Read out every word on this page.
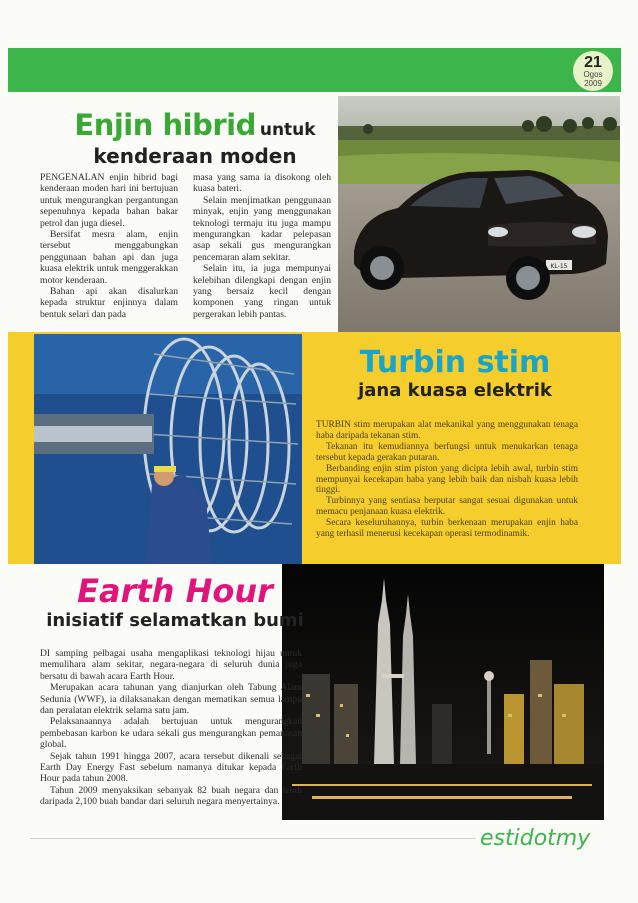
21
Ogos
2009
Enjin hibrid untuk
kenderaan moden

PENGENALAN enjin hibrid bagi kenderaan moden hari ini bertujuan untuk mengurangkan pergantungan sepenuhnya kepada bahan bakar petrol dan juga diesel.

Bersifat mesra alam, enjin tersebut menggabungkan penggunaan bahan api dan juga kuasa elektrik untuk menggerakkan motor kenderaan.

Bahan api akan disalurkan kepada struktur enjinnya dalam bentuk selari dan pada

masa yang sama ia disokong oleh kuasa bateri.

Selain menjimatkan penggunaan minyak, enjin yang menggunakan teknologi termaju itu juga mampu mengurangkan kadar pelepasan asap sekali gus mengurangkan pencemaran alam sekitar.

Selain itu, ia juga mempunyai kelebihan dilengkapi dengan enjin yang bersaiz kecil dengan komponen yang ringan untuk pergerakan lebih pantas.

KL-15
Turbin stim
jana kuasa elektrik

TURBIN stim merupakan alat mekanikal yang menggunakan tenaga haba daripada tekanan stim.

Tekanan itu kemudiannya berfungsi untuk menukarkan tenaga tersebut kepada gerakan putaran.

Berbanding enjin stim piston yang dicipta lebih awal, turbin stim mempunyai kecekapan haba yang lebih baik dan nisbah kuasa lebih tinggi.

Turbinnya yang sentiasa berputar sangat sesuai digunakan untuk memacu penjanaan kuasa elektrik.

Secara keseluruhannya, turbin berkenaan merupakan enjin haba yang terhasil menerusi kecekapan operasi termodinamik.

Earth Hour
inisiatif selamatkan bumi

DI samping pelbagai usaha mengaplikasi teknologi hijau untuk memulihara alam sekitar, negara-negara di seluruh dunia juga bersatu di bawah acara Earth Hour.

Merupakan acara tahunan yang dianjurkan oleh Tabung Alam Sedunia (WWF), ia dilaksanakan dengan mematikan semua lampu dan peralatan elektrik selama satu jam.

Pelaksanaannya adalah bertujuan untuk mengurangkan pembebasan karbon ke udara sekali gus mengurangkan pemanasan global.

Sejak tahun 1991 hingga 2007, acara tersebut dikenali sebagai Earth Day Energy Fast sebelum namanya ditukar kepada Earth Hour pada tahun 2008.

Tahun 2009 menyaksikan sebanyak 82 buah negara dan lebih daripada 2,100 buah bandar dari seluruh negara menyertainya.

estidotmy
